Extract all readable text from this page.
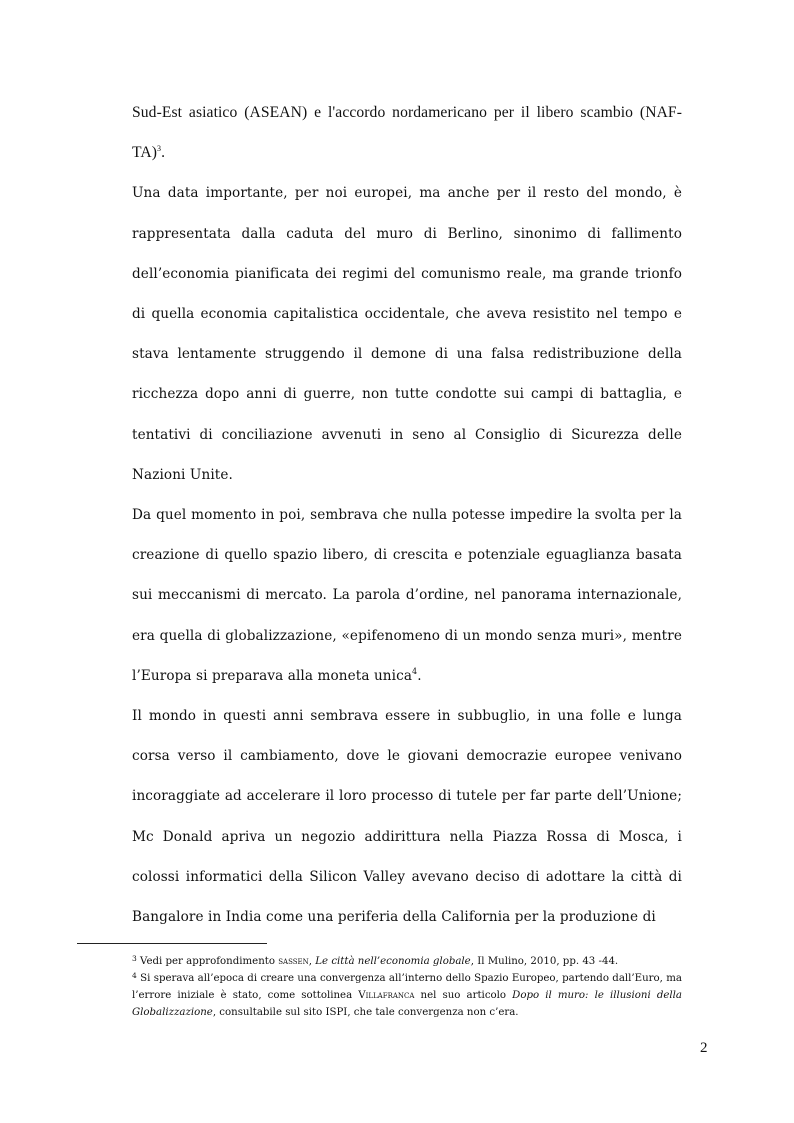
Sud-Est asiatico (ASEAN) e l'accordo nordamericano per il libero scambio $(NAF-TA)^3$.

Una data importante, per noi europei, ma anche per il resto del mondo, è rappresentata dalla caduta del muro di Berlino, sinonimo di fallimento dell’economia pianificata dei regimi del comunismo reale, ma grande trionfo di quella economia capitalistica occidentale, che aveva resistito nel tempo e stava lentamente struggendo il demone di una falsa redistribuzione della ricchezza dopo anni di guerre, non tutte condotte sui campi di battaglia, e tentativi di conciliazione avvenuti in seno al Consiglio di Sicurezza delle Nazioni Unite.

Da quel momento in poi, sembrava che nulla potesse impedire la svolta per la creazione di quello spazio libero, di crescita e potenziale eguaglianza basata sui meccanismi di mercato. La parola d’ordine, nel panorama internazionale, era quella di globalizzazione, «epifenomeno di un mondo senza muri», mentre l’Europa si preparava alla moneta unica$^4$.

Il mondo in questi anni sembrava essere in subbuglio, in una folle e lunga corsa verso il cambiamento, dove le giovani democrazie europee venivano incoraggiate ad accelerare il loro processo di tutele per far parte dell’Unione; Mc Donald apriva un negozio addirittura nella Piazza Rossa di Mosca, i colossi informatici della Silicon Valley avevano deciso di adottare la città di Bangalore in India come una periferia della California per la produzione di

$^3$ Vedi per approfondimento sassen, Le città nell’economia globale, Il Mulino, 2010, pp. 43 -44.

$^4$ Si sperava all’epoca di creare una convergenza all’interno dello Spazio Europeo, partendo dall’Euro, ma l’errore iniziale è stato, come sottolinea Villafranca nel suo articolo Dopo il muro: le illusioni della Globalizzazione, consultabile sul sito ISPI, che tale convergenza non c’era.

2
